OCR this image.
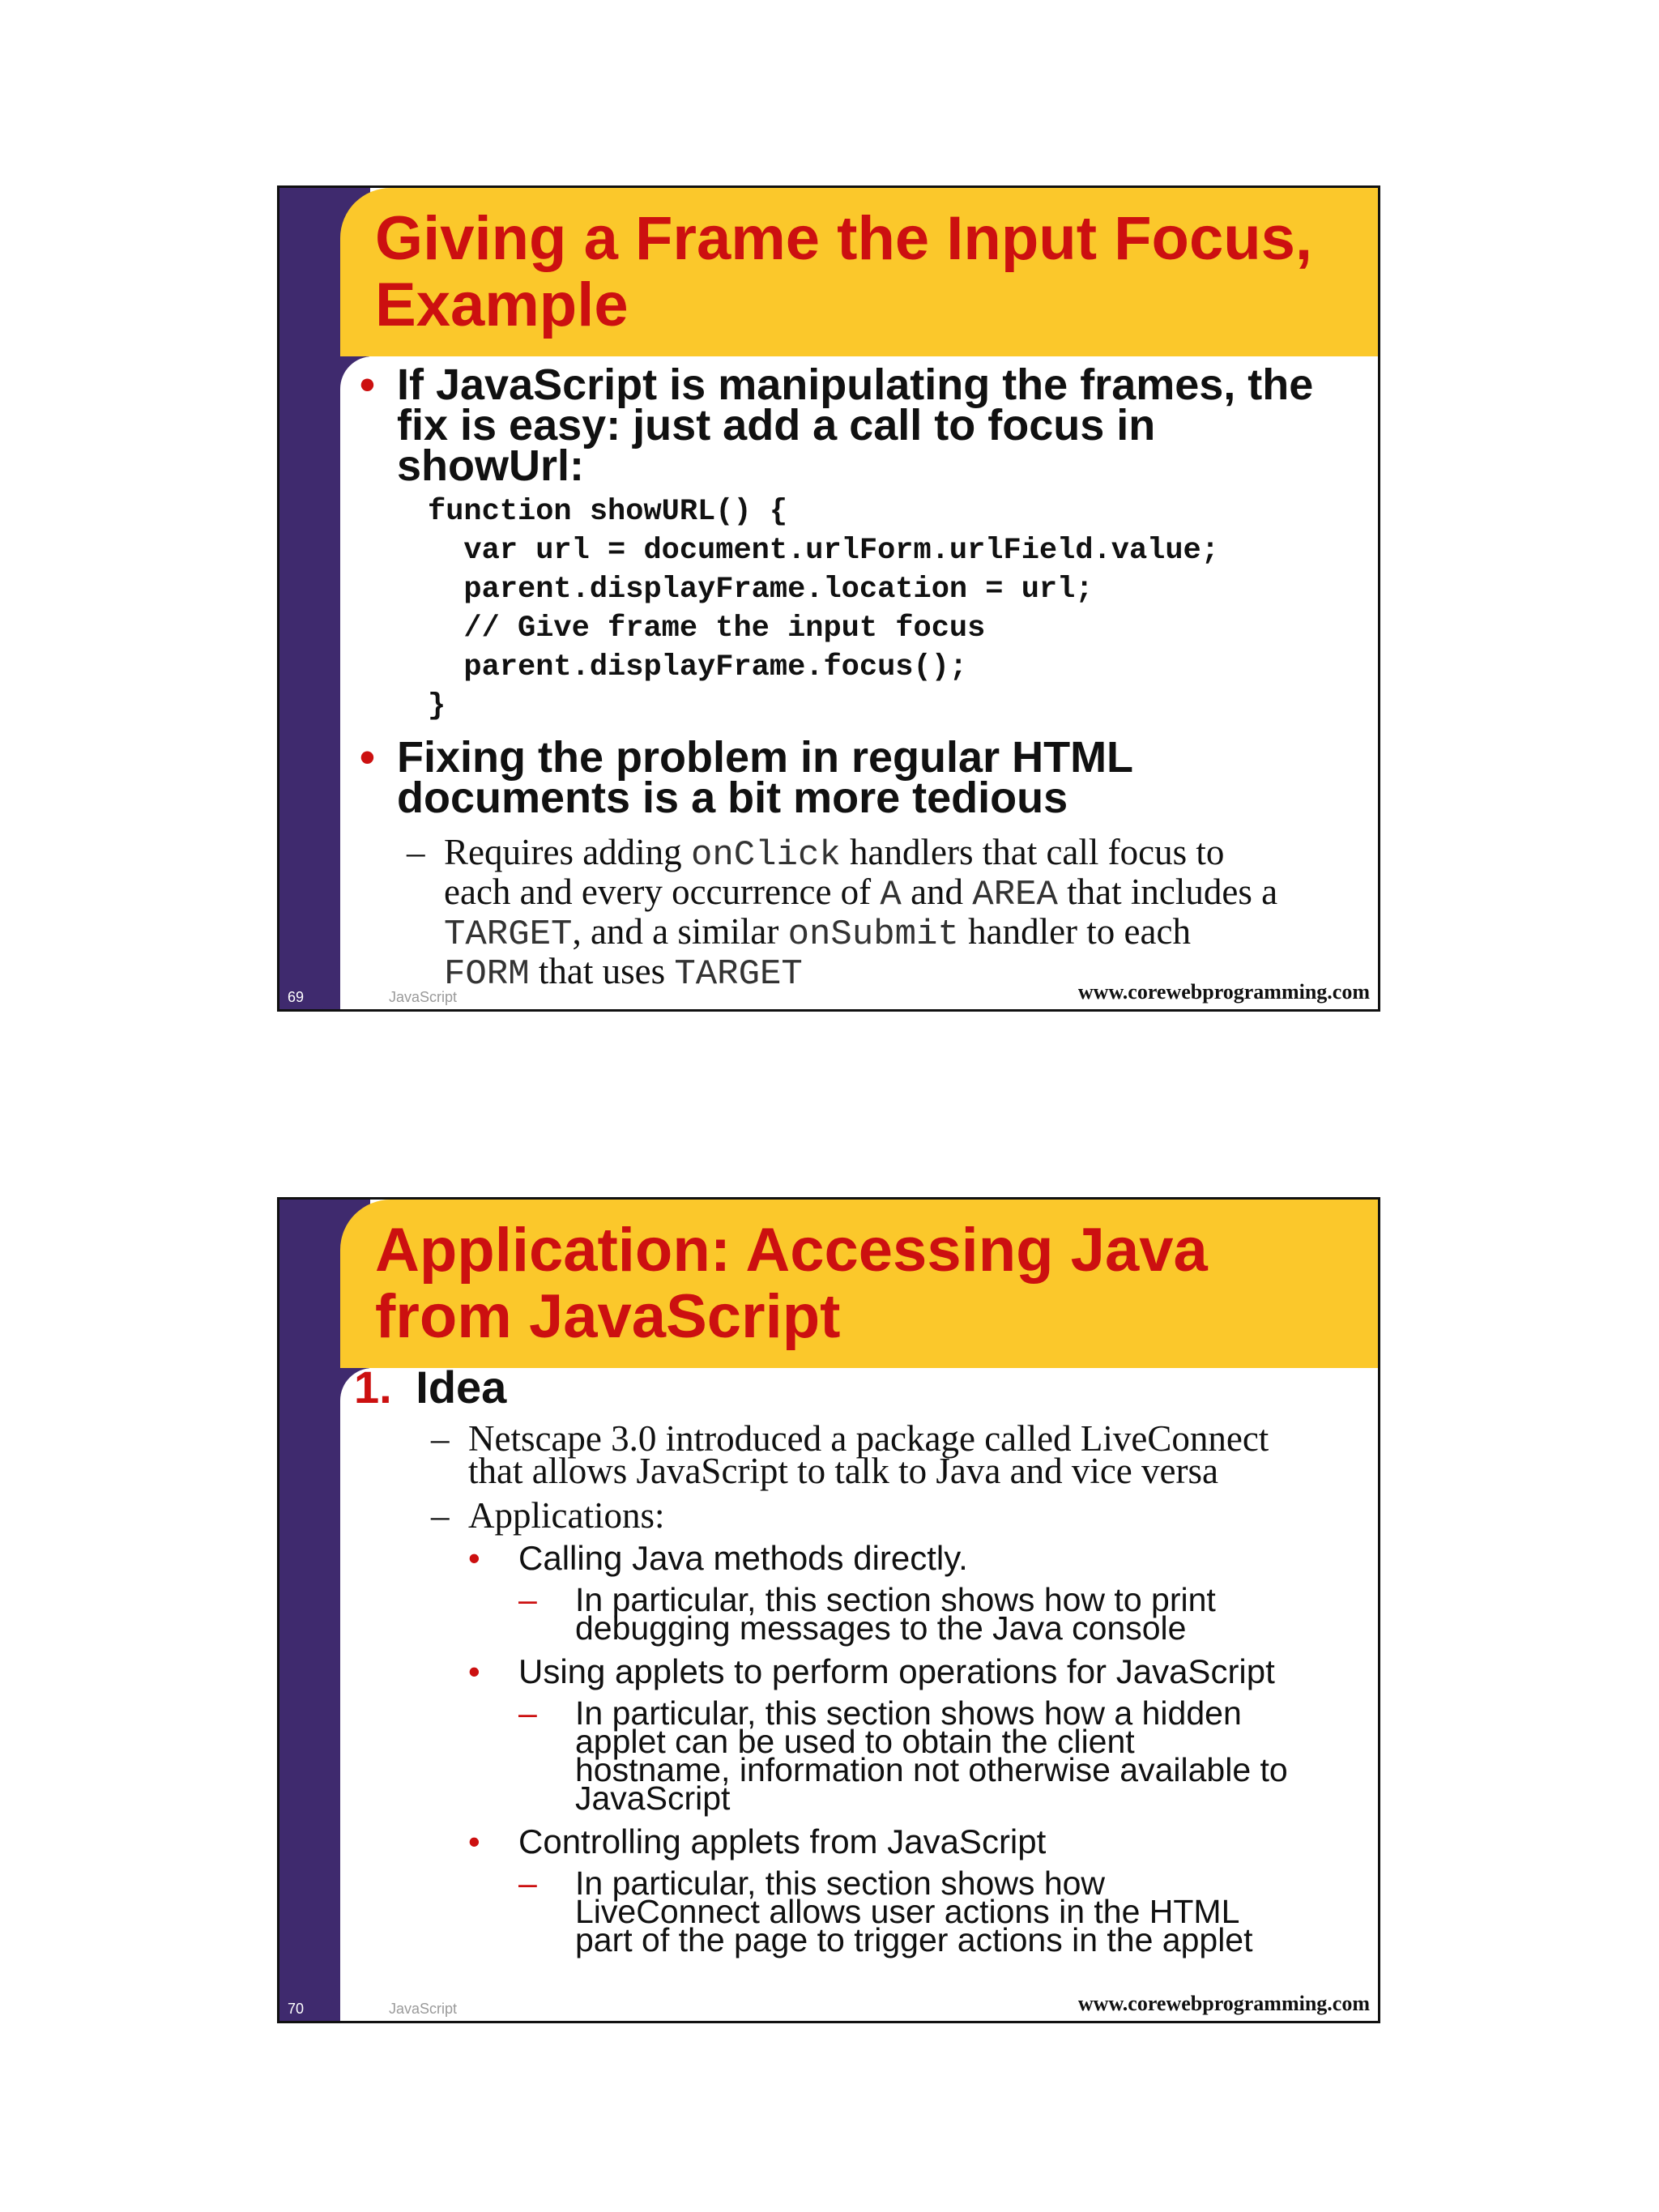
Giving a Frame the Input Focus,
Example
• If JavaScript is manipulating the frames, the
fix is easy: just add a call to focus in
showUrl:
function showURL() {
var url = document.urlForm.urlField.value;
parent.displayFrame.location = url;
// Give frame the input focus
parent.displayFrame.focus();
}
• Fixing the problem in regular HTML
documents is a bit more tedious
– Requires adding onClick handlers that call focus to
each and every occurrence of A and AREA that includes a
TARGET, and a similar onSubmit handler to each
FORM that uses TARGET
69	JavaScript	www.corewebprogramming.com
Application: Accessing Java
from JavaScript
1. Idea
– Netscape 3.0 introduced a package called LiveConnect
that allows JavaScript to talk to Java and vice versa
– Applications:
• Calling Java methods directly.
– In particular, this section shows how to print
debugging messages to the Java console
• Using applets to perform operations for JavaScript
– In particular, this section shows how a hidden
applet can be used to obtain the client
hostname, information not otherwise available to
JavaScript
• Controlling applets from JavaScript
– In particular, this section shows how
LiveConnect allows user actions in the HTML
part of the page to trigger actions in the applet
70	JavaScript	www.corewebprogramming.com
